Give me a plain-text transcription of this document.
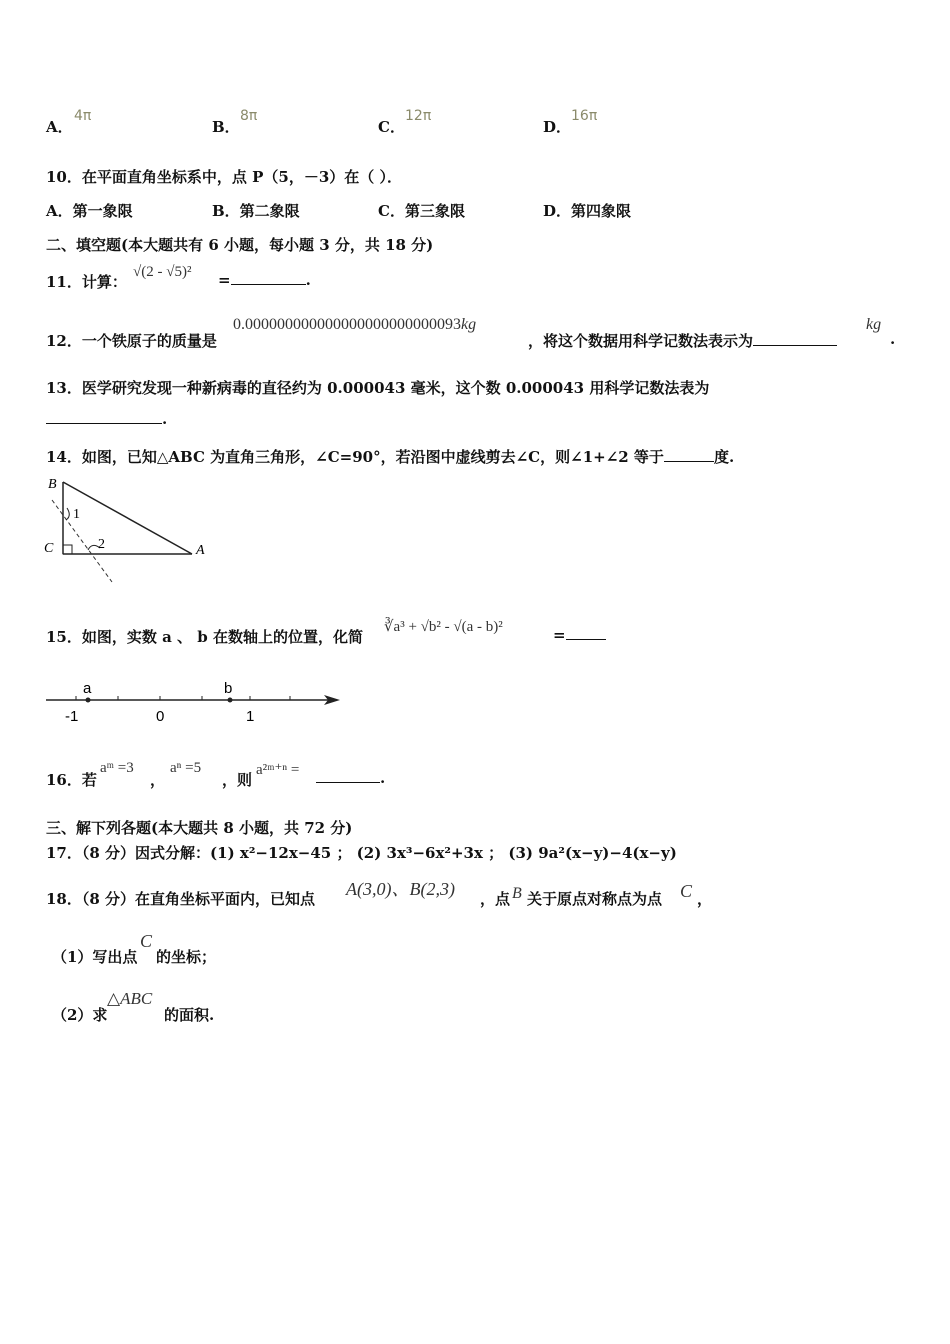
A．
4π
B．
8π
C．
12π
D．
16π
10．在平面直角坐标系中，点 P（5，－3）在（ ）．
A．第一象限	B．第二象限	C．第三象限	D．第四象限
二、填空题(本大题共有 6 小题，每小题 3 分，共 18 分)
11．计算：
√(2 - √5)² =	.
12．一个铁原子的质量是
0.000000000000000000000000093kg
，将这个数据用科学记数法表示为
kg
.
13．医学研究发现一种新病毒的直径约为 0.000043 毫米，这个数 0.000043 用科学记数法表为
.
14．如图，已知△ABC 为直角三角形，∠C=90°，若沿图中虚线剪去∠C，则∠1+∠2 等于	度.
B
C	A
1
2
15．如图，实数 a 、 b 在数轴上的位置，化简
∛a³ + √b² - √(a - b)²	=
a	b
-1	0	1
16．若
aᵐ =3
，
aⁿ =5
，则
a²ᵐ⁺ⁿ =	.
三、解下列各题(本大题共 8 小题，共 72 分)
17．（8 分）因式分解：(1) x²−12x−45 ； (2) 3x³−6x²+3x ； (3) 9a²(x−y)−4(x−y)
18．（8 分）在直角坐标平面内，已知点 A(3,0)、B(2,3) ，点 B 关于原点对称点为点 C ，
（1）写出点
C
的坐标；
（2）求
△ABC
的面积.
